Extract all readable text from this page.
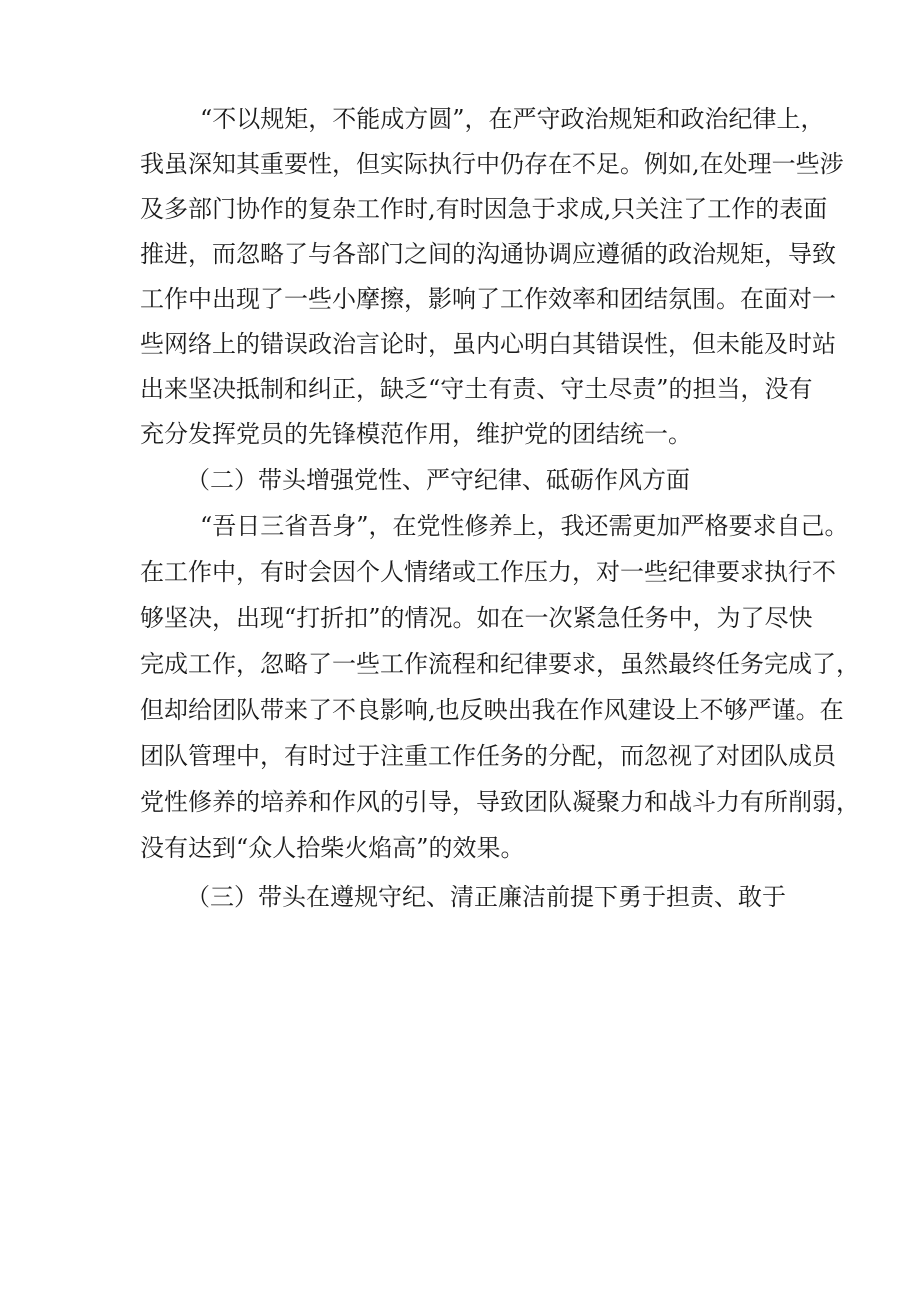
“不以规矩，不能成方圆”，在严守政治规矩和政治纪律上，
我虽深知其重要性，但实际执行中仍存在不足。例如,在处理一些涉
及多部门协作的复杂工作时,有时因急于求成,只关注了工作的表面
推进，而忽略了与各部门之间的沟通协调应遵循的政治规矩，导致
工作中出现了一些小摩擦，影响了工作效率和团结氛围。在面对一
些网络上的错误政治言论时，虽内心明白其错误性，但未能及时站
出来坚决抵制和纠正，缺乏“守土有责、守土尽责”的担当，没有
充分发挥党员的先锋模范作用，维护党的团结统一。
（二）带头增强党性、严守纪律、砥砺作风方面
“吾日三省吾身”，在党性修养上，我还需更加严格要求自己。
在工作中，有时会因个人情绪或工作压力，对一些纪律要求执行不
够坚决，出现“打折扣”的情况。如在一次紧急任务中，为了尽快
完成工作，忽略了一些工作流程和纪律要求，虽然最终任务完成了，
但却给团队带来了不良影响,也反映出我在作风建设上不够严谨。在
团队管理中，有时过于注重工作任务的分配，而忽视了对团队成员
党性修养的培养和作风的引导，导致团队凝聚力和战斗力有所削弱，
没有达到“众人拾柴火焰高”的效果。
（三）带头在遵规守纪、清正廉洁前提下勇于担责、敢于
